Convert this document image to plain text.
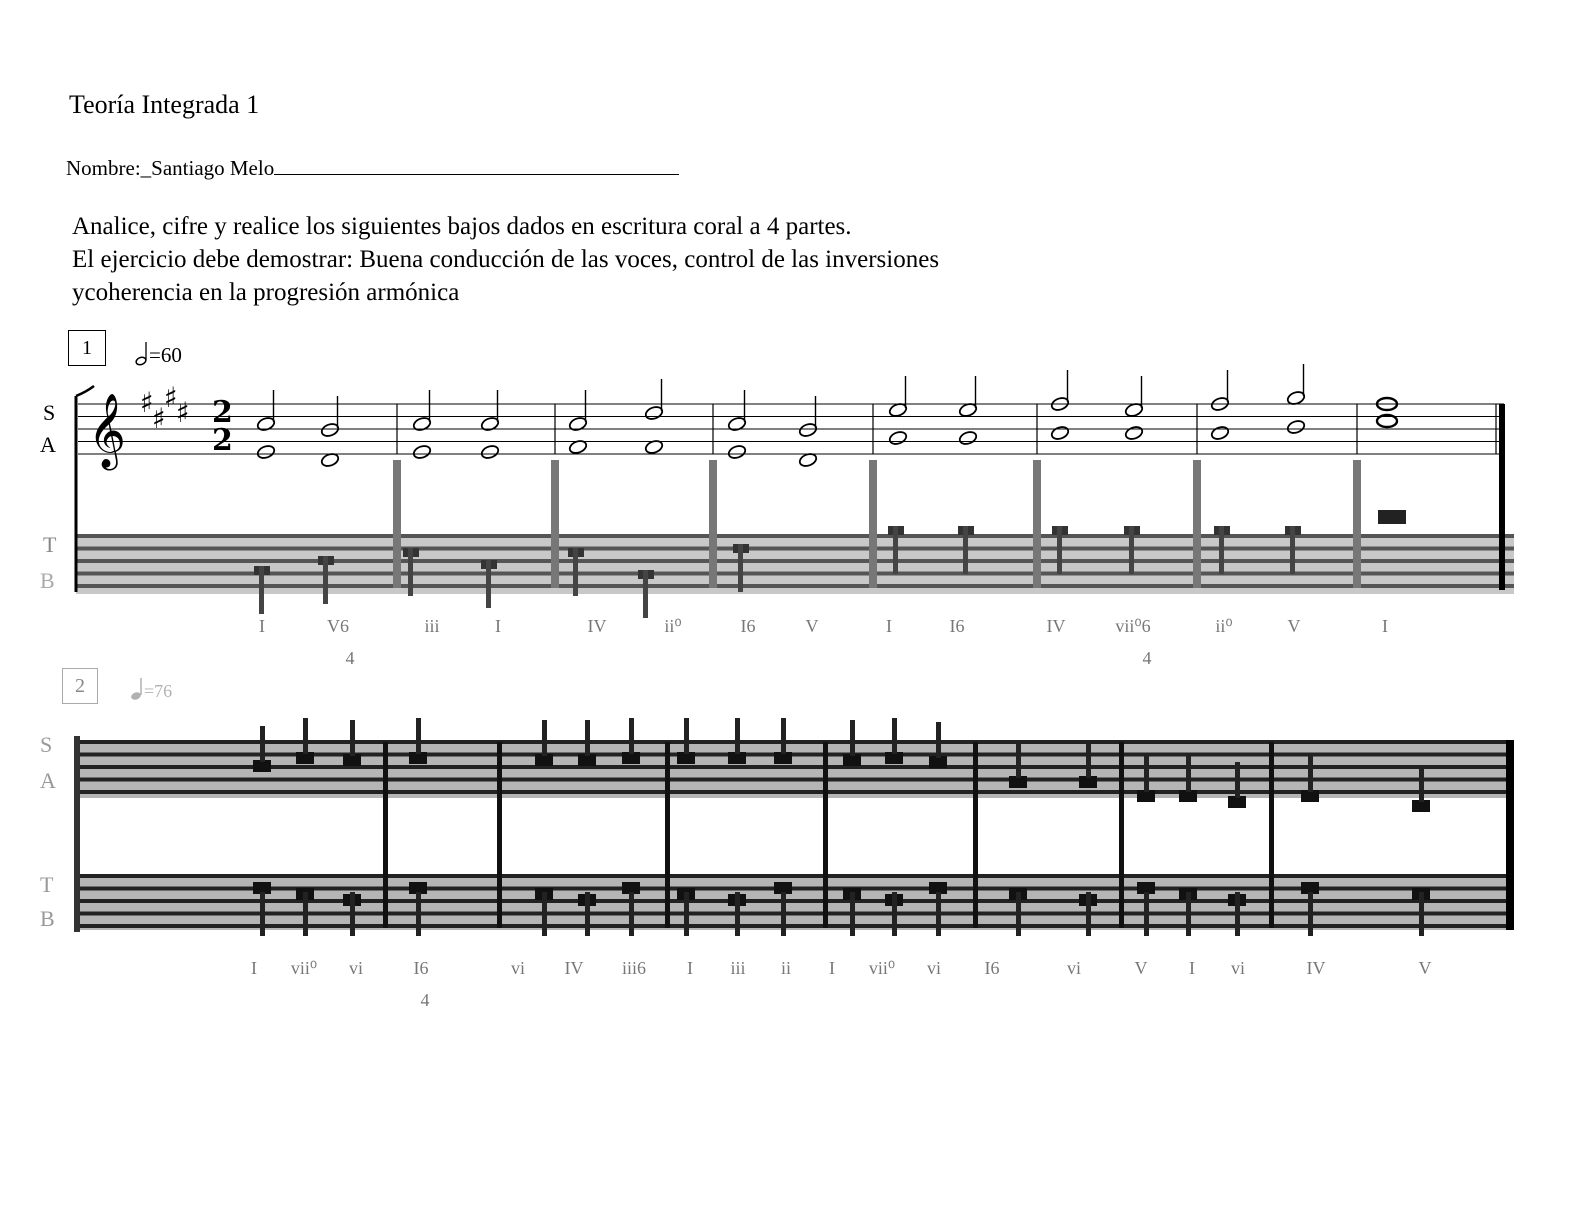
Teoría Integrada 1
Nombre:_Santiago Melo
Analice, cifre y realice los siguientes bajos dados en escritura coral a 4 partes.
El ejercicio debe demostrar: Buena conducción de las voces, control de las inversiones
ycoherencia en la progresión armónica
1
2
=60
=76
S
A
T
B
S
A
T
B
𝄞 ♯
♯
♯
♯ 2
2
I	V6	iii	I	IV	ii⁰	I6	V	I	I6	IV	vii⁰6	ii⁰	V	I
4	4
I vii⁰ vi	I6	vi IV iii6 I iii ii I vii⁰ vi I6	vi	V I vi	IV	V
4
